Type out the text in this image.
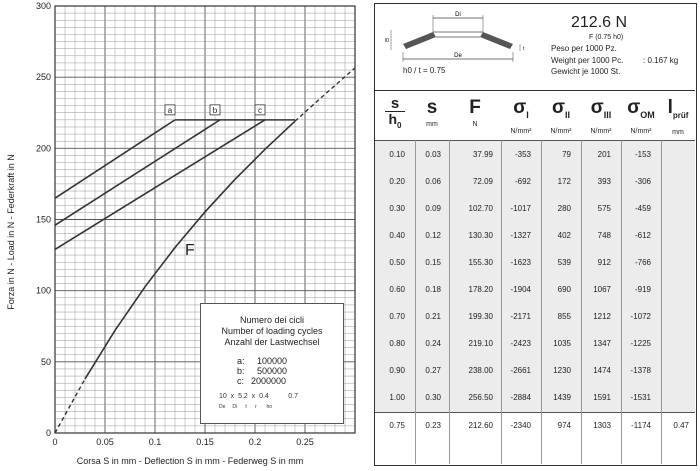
F
a	b	c
0	0.05	0.1	0.15	0.2	0.25
0
50
100
150
200
250
300
Forza in N - Load in N - Federkraft in N
Corsa S in mm - Deflection S in mm - Federweg S in mm
Numero dei cicli
Number of loading cycles
Anzahl der Lastwechsel
a: 100000
b: 500000
c: 2000000
10  x  5.2  x  0.4          0.7
De     Di      t      r       ho
Di
De
l0
t
h0 / t = 0.75
212.6 N
F (0.75 h0)
Peso per 1000 Pz.
Weight per 1000 Pc. : 0.167 kg
Gewicht je 1000 St.
s
$h_0$
s
mm
F
N
$\sigma_I$
N/mm²
$\sigma_{II}$
N/mm²
$\sigma_{III}$
N/mm²
$\sigma_{OM}$
N/mm²
$l_{prüf}$
mm
0.10	0.03	37.99	-353	79	201	-153
0.20	0.06	72.09	-692	172	393	-306
0.30	0.09	102.70	-1017	280	575	-459
0.40	0.12	130.30	-1327	402	748	-612
0.50	0.15	155.30	-1623	539	912	-766
0.60	0.18	178.20	-1904	690	1067	-919
0.70	0.21	199.30	-2171	855	1212	-1072
0.80	0.24	219.10	-2423	1035	1347	-1225
0.90	0.27	238.00	-2661	1230	1474	-1378
1.00	0.30	256.50	-2884	1439	1591	-1531
0.75	0.23	212.60	-2340	974	1303	-1174	0.47
